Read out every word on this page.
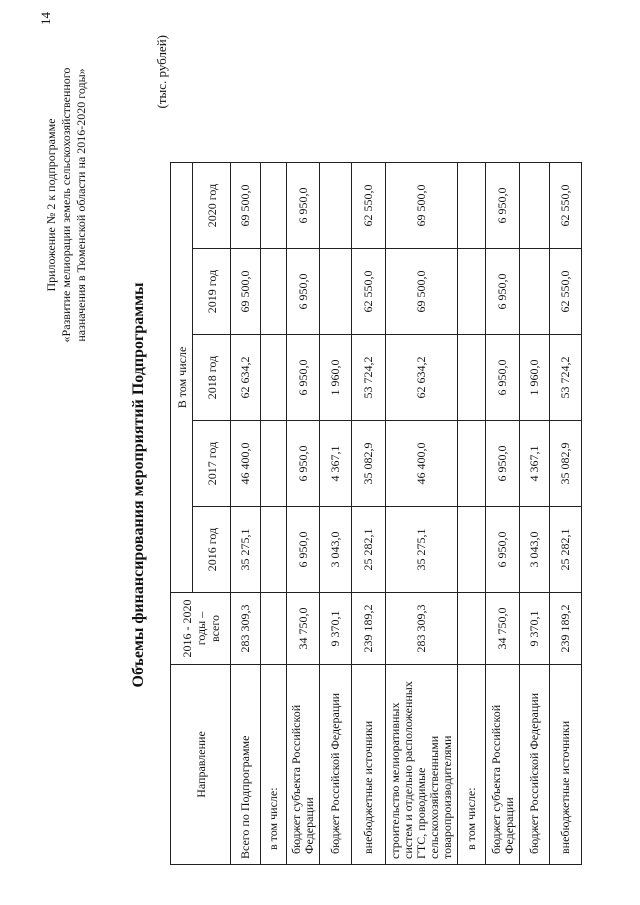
14
Приложение № 2 к подпрограмме «Развитие мелиорации земель сельскохозяйственного назначения в Тюменской области на 2016-2020 годы»
Объемы финансирования мероприятий Подпрограммы
(тыс. рублей)
Направление	2016 - 2020 годы – всего	В том числе				
		2016 год	2017 год	2018 год	2019 год	2020 год
Всего по Подпрограмме	283 309,3	35 275,1	46 400,0	62 634,2	69 500,0	69 500,0
в том числе:						
бюджет субъекта Российской Федерации	34 750,0	6 950,0	6 950,0	6 950,0	6 950,0	6 950,0
бюджет Российской Федерации	9 370,1	3 043,0	4 367,1	1 960,0		
внебюджетные источники	239 189,2	25 282,1	35 082,9	53 724,2	62 550,0	62 550,0
строительство мелиоративных систем и отдельно расположенных ГТС, проводимые сельскохозяйственными товаропроизводителями	283 309,3	35 275,1	46 400,0	62 634,2	69 500,0	69 500,0
в том числе:						
бюджет субъекта Российской Федерации	34 750,0	6 950,0	6 950,0	6 950,0	6 950,0	6 950,0
бюджет Российской Федерации	9 370,1	3 043,0	4 367,1	1 960,0		
внебюджетные источники	239 189,2	25 282,1	35 082,9	53 724,2	62 550,0	62 550,0
